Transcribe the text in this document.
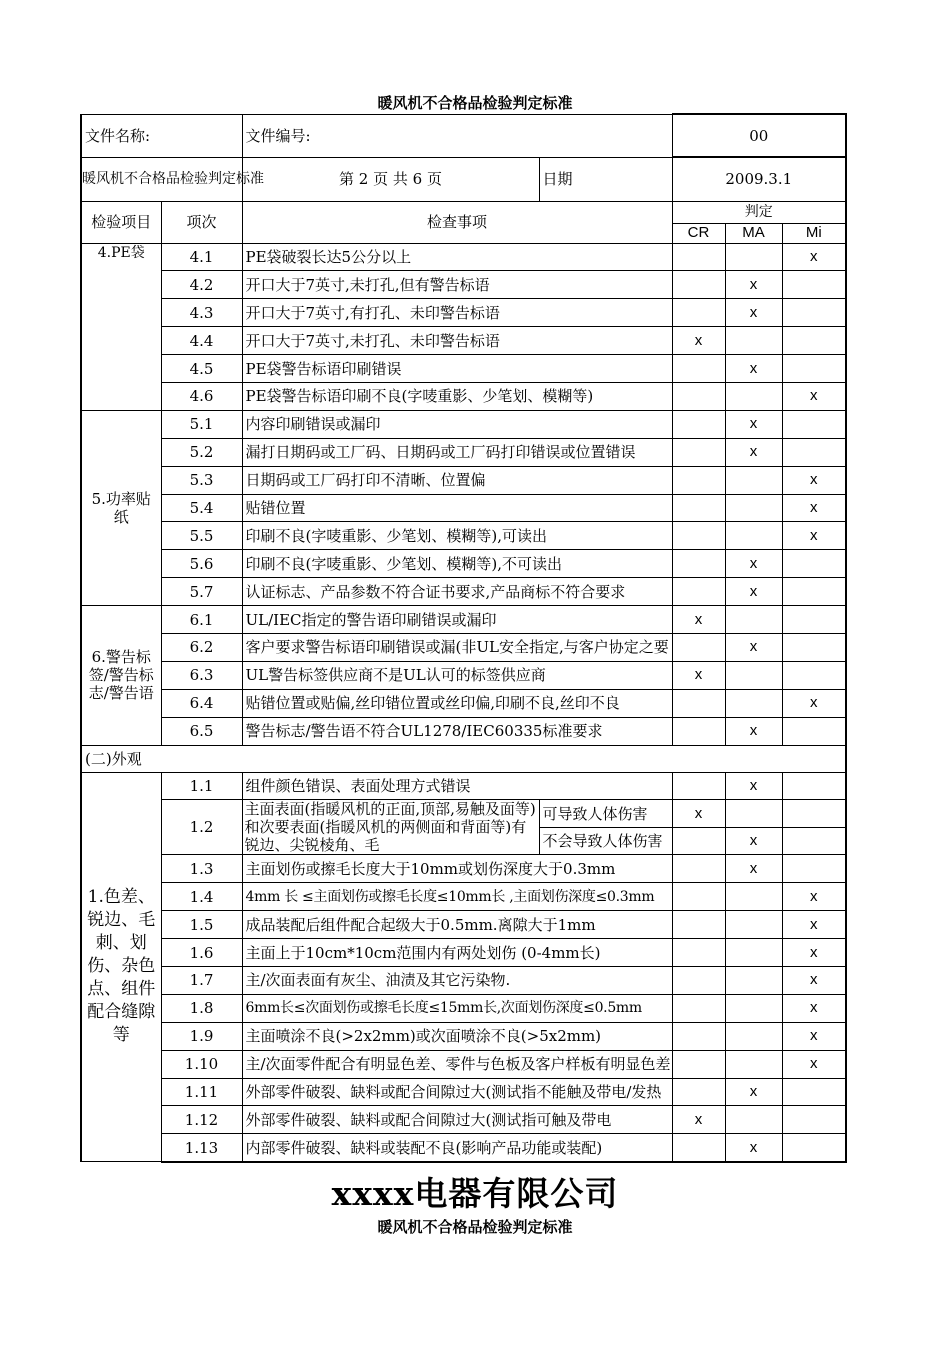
暖风机不合格品检验判定标准
文件名称:		文件编号:		00		
暖风机不合格品检验判定标准		第 2 页 共 6 页	日期	2009.3.1		
检验项目	项次	检查事项		判定		
				CR	MA	Mi
4.PE袋	4.1	PE袋破裂长达5公分以上				x
	4.2	开口大于7英寸,未打孔,但有警告标语			x	
	4.3	开口大于7英寸,有打孔、未印警告标语			x	
	4.4	开口大于7英寸,未打孔、未印警告标语		x		
	4.5	PE袋警告标语印刷错误			x	
	4.6	PE袋警告标语印刷不良(字唛重影、少笔划、模糊等)				x
5.功率贴纸	5.1	内容印刷错误或漏印			x	
	5.2	漏打日期码或工厂码、日期码或工厂码打印错误或位置错误			x	
	5.3	日期码或工厂码打印不清晰、位置偏				x
	5.4	贴错位置				x
	5.5	印刷不良(字唛重影、少笔划、模糊等),可读出				x
	5.6	印刷不良(字唛重影、少笔划、模糊等),不可读出			x	
	5.7	认证标志、产品参数不符合证书要求,产品商标不符合要求			x	
6.警告标签/警告标志/警告语	6.1	UL/IEC指定的警告语印刷错误或漏印		x		
	6.2	客户要求警告标语印刷错误或漏(非UL安全指定,与客户协定之要			x	
	6.3	UL警告标签供应商不是UL认可的标签供应商		x		
	6.4	贴错位置或贴偏,丝印错位置或丝印偏,印刷不良,丝印不良				x
	6.5	警告标志/警告语不符合UL1278/IEC60335标准要求			x	
(二)外观						
1.色差、锐边、毛刺、划伤、杂色点、组件配合缝隙等	1.1	组件颜色错误、表面处理方式错误			x	
	1.2	主面表面(指暖风机的正面,顶部,易触及面等)和次要表面(指暖风机的两侧面和背面等)有锐边、尖锐棱角、毛	可导致人体伤害	x		
			不会导致人体伤害		x	
	1.3	主面划伤或擦毛长度大于10mm或划伤深度大于0.3mm			x	
	1.4	4mm 长 ≤主面划伤或擦毛长度≤10mm长 ,主面划伤深度≤0.3mm				x
	1.5	成品装配后组件配合起级大于0.5mm.离隙大于1mm				x
	1.6	主面上于10cm*10cm范围内有两处划伤 (0-4mm长)				x
	1.7	主/次面表面有灰尘、油渍及其它污染物.				x
	1.8	6mm长≤次面划伤或擦毛长度≤15mm长,次面划伤深度≤0.5mm				x
	1.9	主面喷涂不良(>2x2mm)或次面喷涂不良(>5x2mm)				x
	1.10	主/次面零件配合有明显色差、零件与色板及客户样板有明显色差				x
	1.11	外部零件破裂、缺料或配合间隙过大(测试指不能触及带电/发热			x	
	1.12	外部零件破裂、缺料或配合间隙过大(测试指可触及带电		x		
	1.13	内部零件破裂、缺料或装配不良(影响产品功能或装配)			x	
xxxx电器有限公司
暖风机不合格品检验判定标准
